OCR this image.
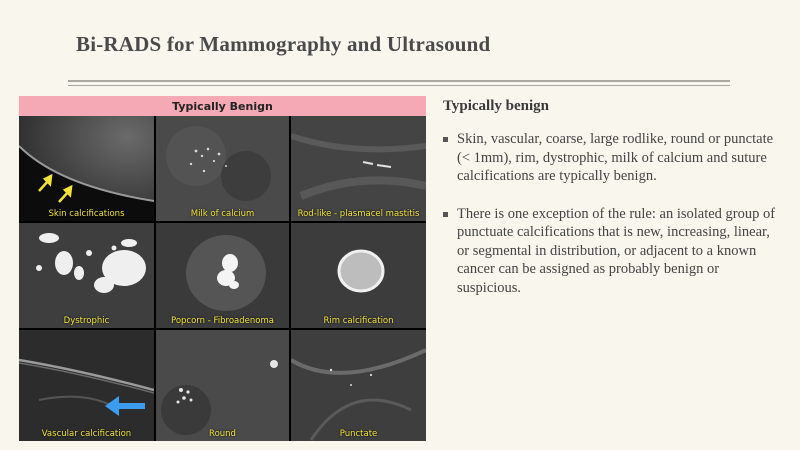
Bi-RADS for Mammography and Ultrasound
Typically Benign
Skin calcifications	Milk of calcium	Rod-like - plasmacel mastitis
Dystrophic	Popcorn - Fibroadenoma	Rim calcification
Vascular calcification	Round	Punctate
Typically benign
Skin, vascular, coarse, large rodlike, round or punctate (< 1mm), rim, dystrophic, milk of calcium and suture calcifications are typically benign.
There is one exception of the rule: an isolated group of punctuate calcifications that is new, increasing, linear, or segmental in distribution, or adjacent to a known cancer can be assigned as probably benign or suspicious.
